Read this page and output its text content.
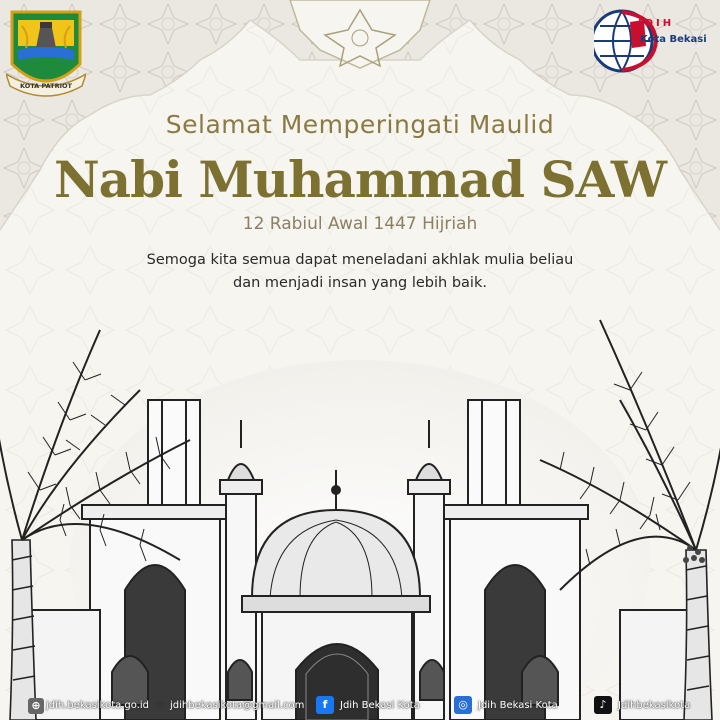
KOTA PATRIOT
JDIH
Kota Bekasi
Selamat Memperingati Maulid
Nabi Muhammad SAW
12 Rabiul Awal 1447 Hijriah
Semoga kita semua dapat meneladani akhlak mulia beliau
dan menjadi insan yang lebih baik.
⊕ jdih.bekasikota.go.id ✉ jdihbekasikota@gmail.com	f	Jdih Bekasi Kota	◎	Jdih Bekasi Kota	♪	Jdihbekasikota
